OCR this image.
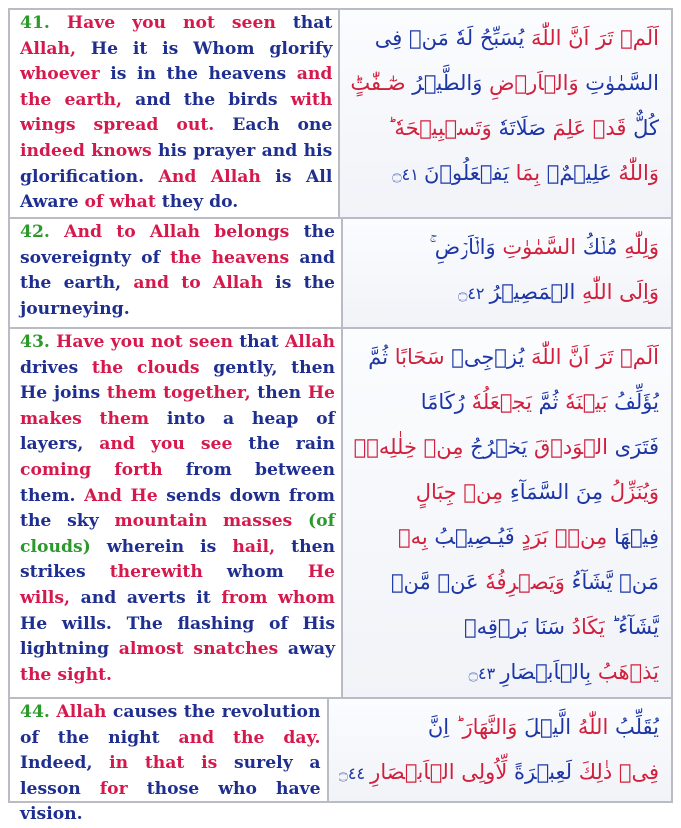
41. Have you not seen that Allah, He it is Whom glorify whoever is in the heavens and the earth, and the birds with wings spread out. Each one indeed knows his prayer and his glorification. And Allah is All Aware of what they do.
اَلَمۡ تَرَ اَنَّ اللّٰهَ يُسَبِّحُ لَهٗ مَنۡ فِى
السَّمٰوٰتِ وَالۡاَرۡضِ وَالطَّيۡرُ صٰٓـفّٰتٍ‌ؕ
كُلٌّ قَدۡ عَلِمَ صَلَاتَهٗ وَتَسۡبِيۡحَهٗ‌ ؕ
وَاللّٰهُ عَلِيۡمٌۢ بِمَا يَفۡعَلُوۡنَ ۝٤١
42. And to Allah belongs the sovereignty of the heavens and the earth, and to Allah is the journeying.
وَلِلّٰهِ مُلۡكُ السَّمٰوٰتِ وَالۡاَرۡضِ‌ ۚ
وَاِلَى اللّٰهِ الۡمَصِيۡرُ ۝٤٢
43. Have you not seen that Allah drives the clouds gently, then He joins them together, then He makes them into a heap of layers, and you see the rain coming forth from between them. And He sends down from the sky mountain masses (of clouds) wherein is hail, then strikes therewith whom He wills, and averts it from whom He wills. The flashing of His lightning almost snatches away the sight.
اَلَمۡ تَرَ اَنَّ اللّٰهَ يُزۡجِىۡ سَحَابًا ثُمَّ
يُؤَلِّفُ بَيۡنَهٗ ثُمَّ يَجۡعَلُهٗ رُكَامًا
فَتَرَى الۡوَدۡقَ يَخۡرُجُ مِنۡ خِلٰلِهٖ‌ۚ
وَيُنَزِّلُ مِنَ السَّمَآءِ مِنۡ جِبَالٍ
فِيۡهَا مِنۡۢ بَرَدٍ فَيُـصِيۡبُ بِهٖ
مَنۡ يَّشَآءُ وَيَصۡرِفُهٗ عَنۡ مَّنۡ
يَّشَآءُ‌ ؕ يَكَادُ سَنَا بَرۡقِهٖ
يَذۡهَبُ بِالۡاَبۡصَارِ ۝٤٣
44. Allah causes the revolution of the night and the day. Indeed, in that is surely a lesson for those who have vision.
يُقَلِّبُ اللّٰهُ الَّيۡلَ وَالنَّهَارَ‌ ؕ اِنَّ
فِىۡ ذٰلِكَ لَعِبۡرَةً لِّاُولِى الۡاَبۡصَارِ ۝٤٤
